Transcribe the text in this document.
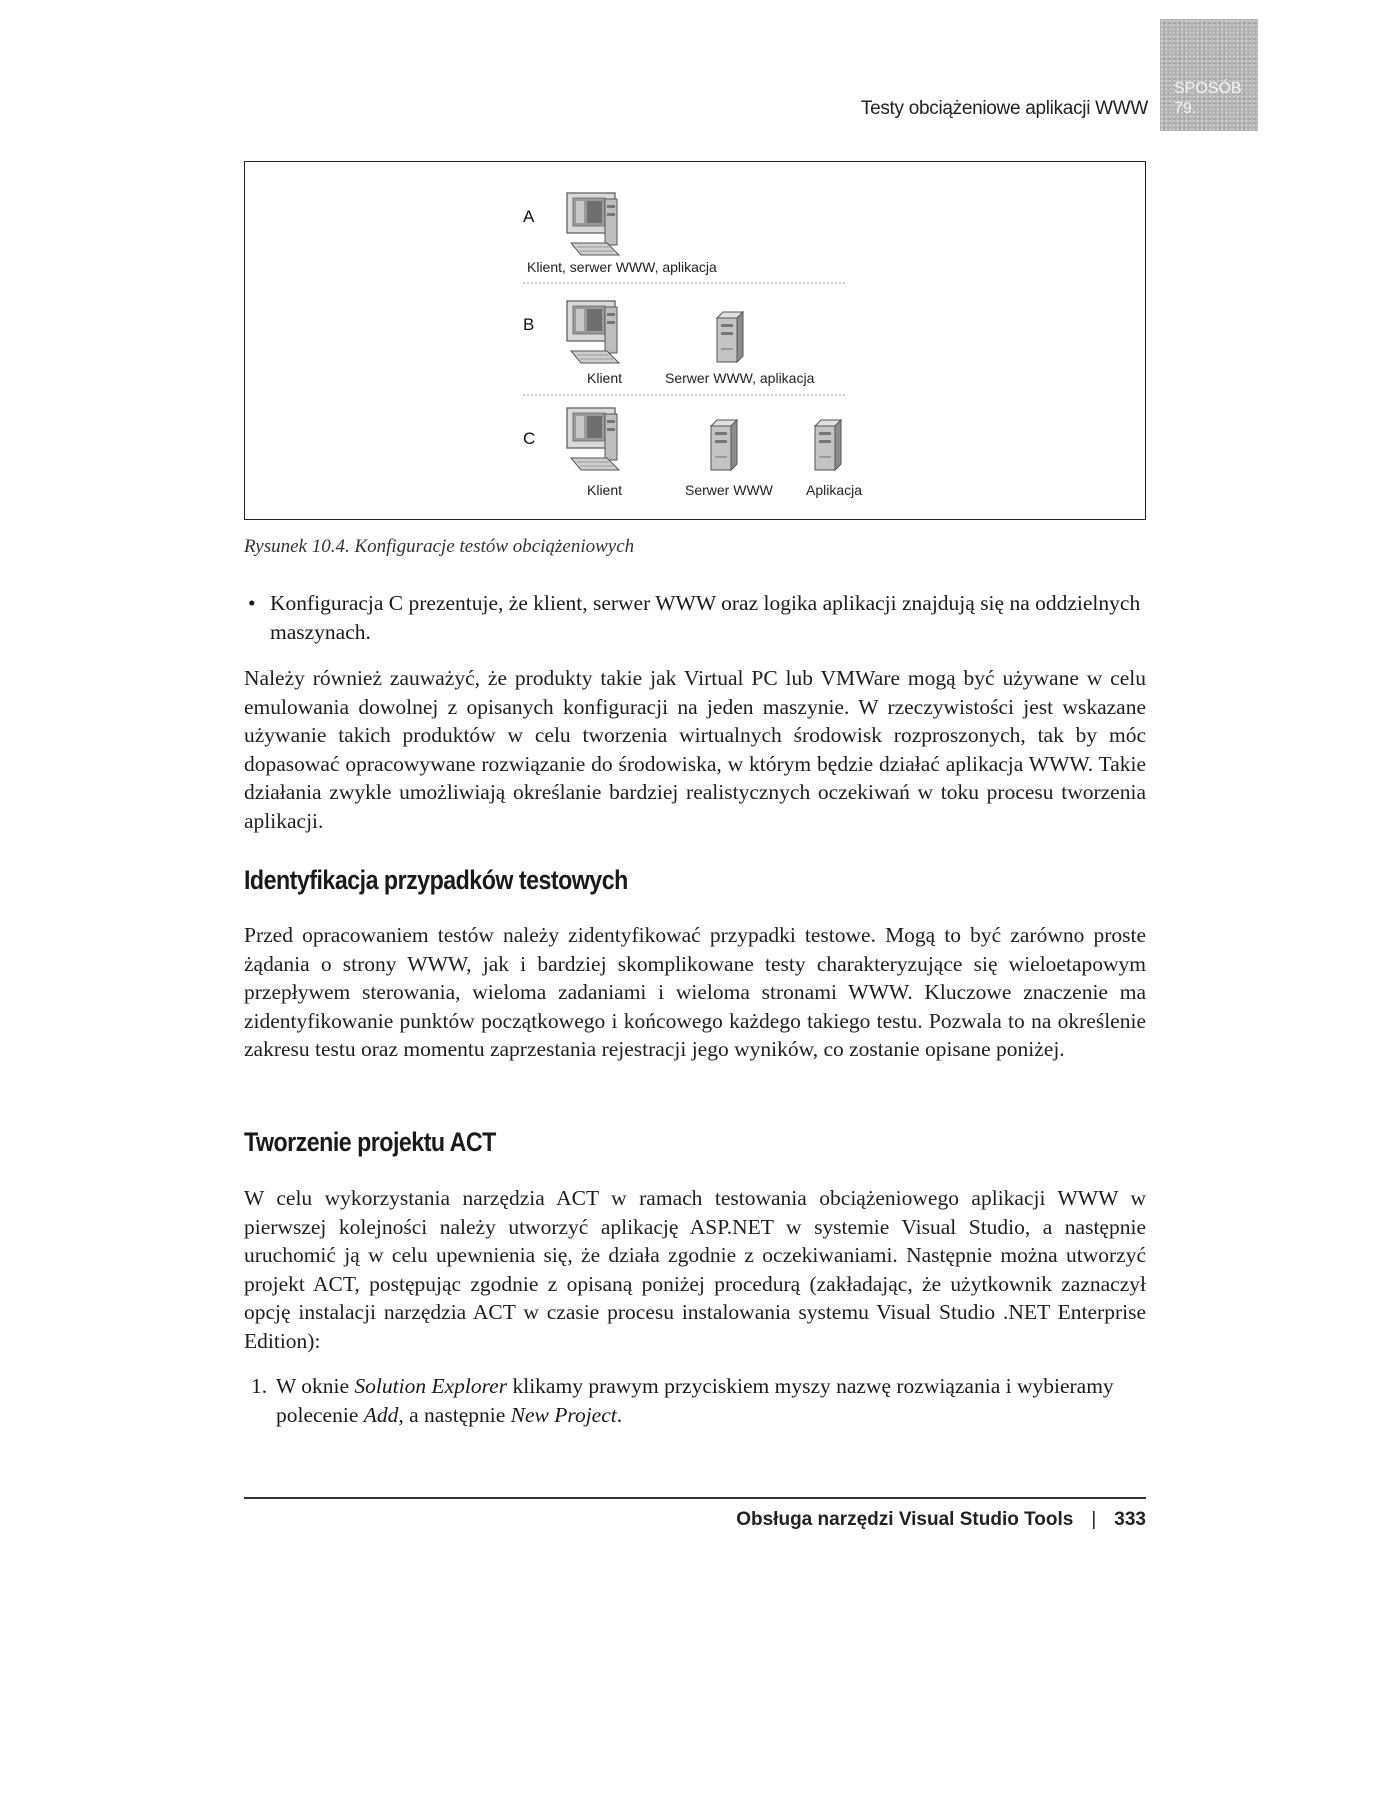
Testy obciążeniowe aplikacji WWW
SPOSÓB
79.
A
Klient, serwer WWW, aplikacja
B
Klient	Serwer WWW, aplikacja
C
Klient	Serwer WWW Aplikacja
Rysunek 10.4. Konfiguracje testów obciążeniowych
• Konfiguracja C prezentuje, że klient, serwer WWW oraz logika aplikacji znajdują się na oddzielnych maszynach.
Należy również zauważyć, że produkty takie jak Virtual PC lub VMWare mogą być używane w celu emulowania dowolnej z opisanych konfiguracji na jeden maszynie. W rzeczywistości jest wskazane używanie takich produktów w celu tworzenia wirtualnych środowisk rozproszonych, tak by móc dopasować opracowywane rozwiązanie do środowiska, w którym będzie działać aplikacja WWW. Takie działania zwykle umożliwiają określanie bardziej realistycznych oczekiwań w toku procesu tworzenia aplikacji.
Identyfikacja przypadków testowych
Przed opracowaniem testów należy zidentyfikować przypadki testowe. Mogą to być zarówno proste żądania o strony WWW, jak i bardziej skomplikowane testy charakteryzujące się wieloetapowym przepływem sterowania, wieloma zadaniami i wieloma stronami WWW. Kluczowe znaczenie ma zidentyfikowanie punktów początkowego i końcowego każdego takiego testu. Pozwala to na określenie zakresu testu oraz momentu zaprzestania rejestracji jego wyników, co zostanie opisane poniżej.
Tworzenie projektu ACT
W celu wykorzystania narzędzia ACT w ramach testowania obciążeniowego aplikacji WWW w pierwszej kolejności należy utworzyć aplikację ASP.NET w systemie Visual Studio, a następnie uruchomić ją w celu upewnienia się, że działa zgodnie z oczekiwaniami. Następnie można utworzyć projekt ACT, postępując zgodnie z opisaną poniżej procedurą (zakładając, że użytkownik zaznaczył opcję instalacji narzędzia ACT w czasie procesu instalowania systemu Visual Studio .NET Enterprise Edition):
1. W oknie Solution Explorer klikamy prawym przyciskiem myszy nazwę rozwiązania i wybieramy polecenie Add, a następnie New Project.
Obsługa narzędzi Visual Studio Tools | 333
